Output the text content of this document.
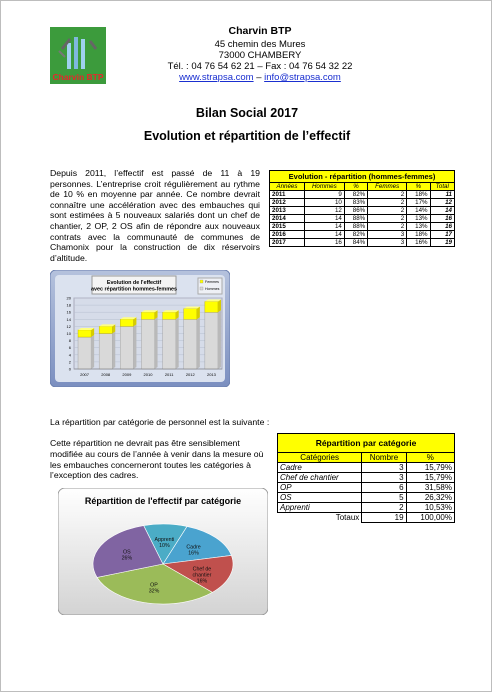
Charvin BTP
Charvin BTP
45 chemin des Mures
73000 CHAMBERY
Tél. : 04 76 54 62 21 – Fax : 04 76 54 32 22
www.strapsa.com – info@strapsa.com
Bilan Social 2017
Evolution et répartition de l’effectif
Depuis 2011, l’effectif est passé de 11 à 19 personnes. L’entreprise croit régulièrement au rythme de 10 % en moyenne par année. Ce nombre devrait connaître une accélération avec des embauches qui sont estimées à 5 nouveaux salariés dont un chef de chantier, 2 OP, 2 OS afin de répondre aux nouveaux contrats avec la communauté de communes de Chamonix pour la construction de dix réservoirs d’altitude.
Evolution - répartition (hommes-femmes)					
Années	Hommes	%	Femmes	%	Total
2011	9	82%	2	18%	11
2012	10	83%	2	17%	12
2013	12	86%	2	14%	14
2014	14	88%	2	13%	16
2015	14	88%	2	13%	16
2016	14	82%	3	18%	17
2017	16	84%	3	16%	19
Evolution de l'effectif avec répartition hommes-femmes
Femmes
Hommes
0
2
4
6
8
10
12
14
16
18
20
2007	2008	2009	2010	2011	2012	2013
La répartition par catégorie de personnel est la suivante :
Cette répartition ne devrait pas être sensiblement modifiée au cours de l’année à venir dans la mesure où les embauches concerneront toutes les catégories à l’exception des cadres.
Répartition par catégorie		
Catégories	Nombre	%
Cadre	3	15,79%
Chef de chantier	3	15,79%
OP	6	31,58%
OS	5	26,32%
Apprenti	2	10,53%
Totaux	19	100,00%
Répartition de l'effectif par catégorie
Cadre 16%
Chef de chantier 16%
OP 32%
OS 26%
Apprenti 10%
